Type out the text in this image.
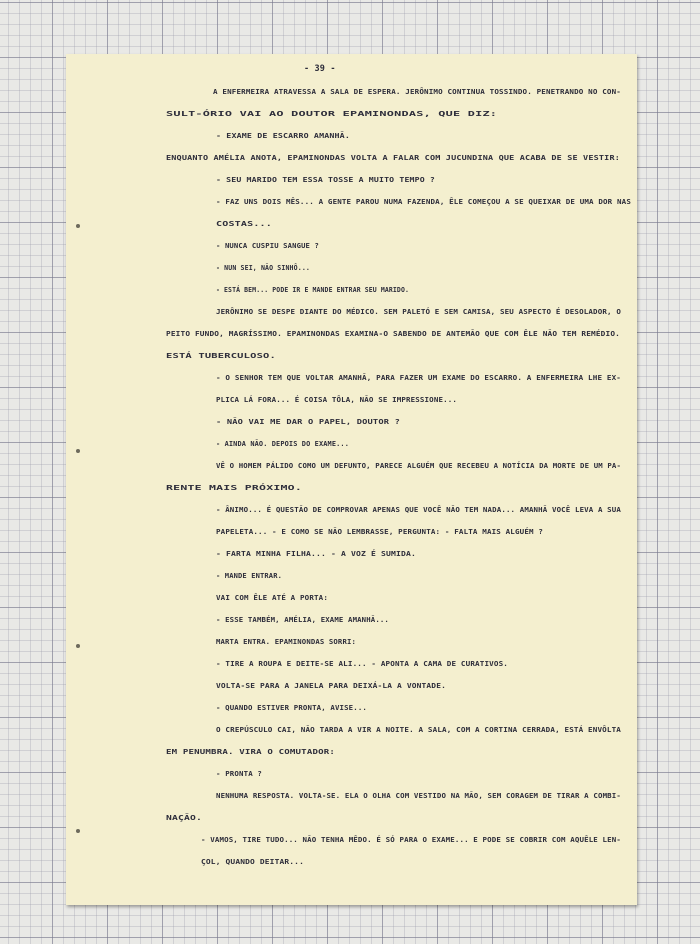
- 39 -

A ENFERMEIRA ATRAVESSA A SALA DE ESPERA. JERÔNIMO CONTINUA TOSSINDO. PENETRANDO NO CON-

SULT-ÓRIO VAI AO DOUTOR EPAMINONDAS, QUE DIZ:

- EXAME DE ESCARRO AMANHÃ.

ENQUANTO AMÉLIA ANOTA, EPAMINONDAS VOLTA A FALAR COM JUCUNDINA QUE ACABA DE SE VESTIR:

- SEU MARIDO TEM ESSA TOSSE A MUITO TEMPO ?

- FAZ UNS DOIS MÊS... A GENTE PAROU NUMA FAZENDA, ÊLE COMEÇOU A SE QUEIXAR DE UMA DOR NAS

COSTAS...

- NUNCA CUSPIU SANGUE ?

- NUN SEI, NÃO SINHÔ...

- ESTÁ BEM... PODE IR E MANDE ENTRAR SEU MARIDO.

JERÔNIMO SE DESPE DIANTE DO MÉDICO. SEM PALETÓ E SEM CAMISA, SEU ASPECTO É DESOLADOR, O

PEITO FUNDO, MAGRÍSSIMO. EPAMINONDAS EXAMINA-O SABENDO DE ANTEMÃO QUE COM ÊLE NÃO TEM REMÉDIO.

ESTÁ TUBERCULOSO.

- O SENHOR TEM QUE VOLTAR AMANHÃ, PARA FAZER UM EXAME DO ESCARRO. A ENFERMEIRA LHE EX-

PLICA LÁ FORA... É COISA TÔLA, NÃO SE IMPRESSIONE...

- NÃO VAI ME DAR O PAPEL, DOUTOR ?

- AINDA NÃO. DEPOIS DO EXAME...

VÊ O HOMEM PÁLIDO COMO UM DEFUNTO, PARECE ALGUÉM QUE RECEBEU A NOTÍCIA DA MORTE DE UM PA-

RENTE MAIS PRÓXIMO.

- ÂNIMO... É QUESTÃO DE COMPROVAR APENAS QUE VOCÊ NÃO TEM NADA... AMANHÃ VOCÊ LEVA A SUA

PAPELETA... - E COMO SE NÃO LEMBRASSE, PERGUNTA: - FALTA MAIS ALGUÉM ?

- FARTA MINHA FILHA... - A VOZ É SUMIDA.

- MANDE ENTRAR.

VAI COM ÊLE ATÉ A PORTA:

- ESSE TAMBÉM, AMÉLIA, EXAME AMANHÃ...

MARTA ENTRA. EPAMINONDAS SORRI:

- TIRE A ROUPA E DEITE-SE ALI... - APONTA A CAMA DE CURATIVOS.

VOLTA-SE PARA A JANELA PARA DEIXÁ-LA A VONTADE.

- QUANDO ESTIVER PRONTA, AVISE...

O CREPÚSCULO CAI, NÃO TARDA A VIR A NOITE. A SALA, COM A CORTINA CERRADA, ESTÁ ENVÔLTA

EM PENUMBRA. VIRA O COMUTADOR:

- PRONTA ?

NENHUMA RESPOSTA. VOLTA-SE. ELA O OLHA COM VESTIDO NA MÃO, SEM CORAGEM DE TIRAR A COMBI-

NAÇÃO.

- VAMOS, TIRE TUDO... NÃO TENHA MÊDO. É SÓ PARA O EXAME... E PODE SE COBRIR COM AQUÊLE LEN-

ÇOL, QUANDO DEITAR...
